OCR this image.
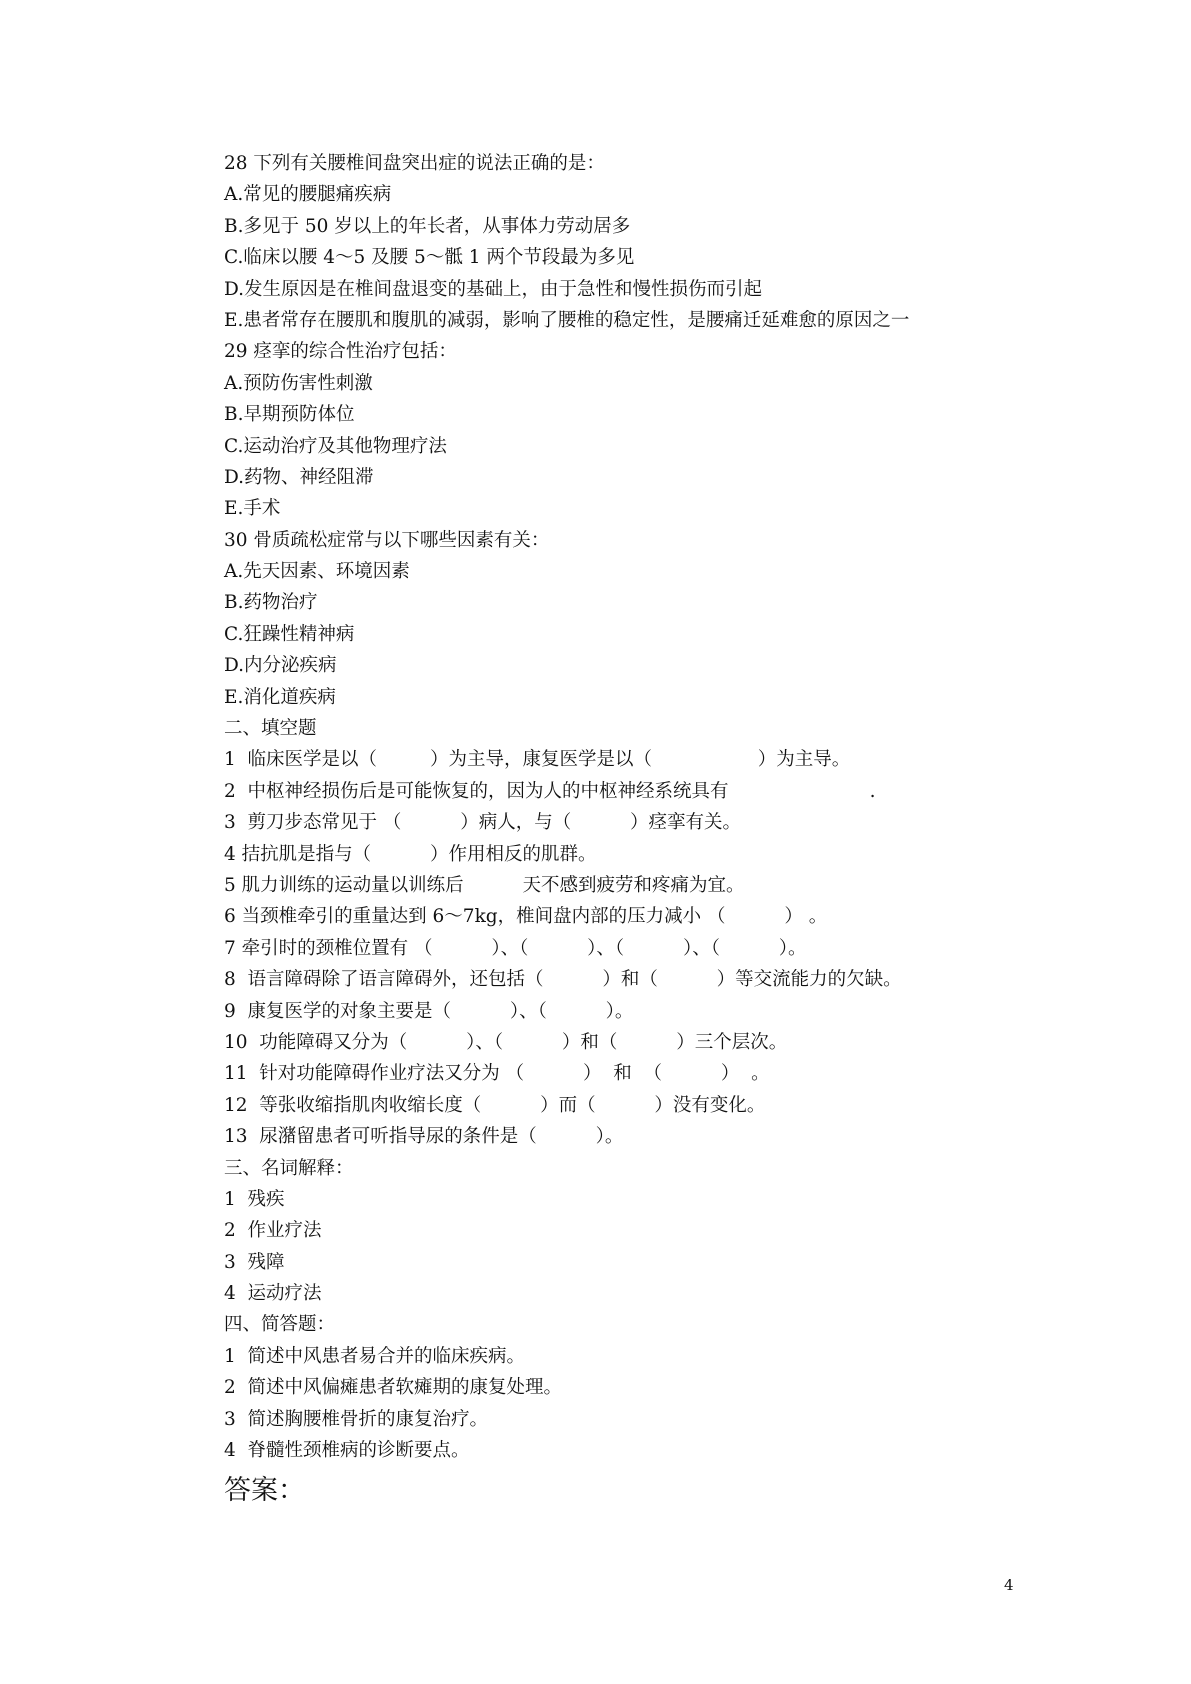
28 下列有关腰椎间盘突出症的说法正确的是：
A.常见的腰腿痛疾病
B.多见于 50 岁以上的年长者，从事体力劳动居多
C.临床以腰 4～5 及腰 5～骶 1 两个节段最为多见
D.发生原因是在椎间盘退变的基础上，由于急性和慢性损伤而引起
E.患者常存在腰肌和腹肌的减弱，影响了腰椎的稳定性，是腰痛迁延难愈的原因之一
29 痉挛的综合性治疗包括：
A.预防伤害性刺激
B.早期预防体位
C.运动治疗及其他物理疗法
D.药物、神经阻滞
E.手术
30 骨质疏松症常与以下哪些因素有关：
A.先天因素、环境因素
B.药物治疗
C.狂躁性精神病
D.内分泌疾病
E.消化道疾病
二、填空题
1  临床医学是以（         ）为主导，康复医学是以（                  ）为主导。
2  中枢神经损伤后是可能恢复的，因为人的中枢神经系统具有                        .
3  剪刀步态常见于 （          ）病人，与（          ）痉挛有关。
4 拮抗肌是指与（          ）作用相反的肌群。
5 肌力训练的运动量以训练后          天不感到疲劳和疼痛为宜。
6 当颈椎牵引的重量达到 6～7kg，椎间盘内部的压力减小 （          ） 。
7 牵引时的颈椎位置有 （          ）、（          ）、（          ）、（          ）。
8  语言障碍除了语言障碍外，还包括（          ）和（          ）等交流能力的欠缺。
9  康复医学的对象主要是（          ）、（          ）。
10  功能障碍又分为（          ）、（          ）和（          ）三个层次。
11  针对功能障碍作业疗法又分为 （          ）  和  （          ）  。
12  等张收缩指肌肉收缩长度（          ）而（          ）没有变化。
13  尿潴留患者可听指导尿的条件是（          ）。
三、名词解释：
1  残疾
2  作业疗法
3  残障
4  运动疗法
四、简答题：
1  简述中风患者易合并的临床疾病。
2  简述中风偏瘫患者软瘫期的康复处理。
3  简述胸腰椎骨折的康复治疗。
4  脊髓性颈椎病的诊断要点。
答案：
4
